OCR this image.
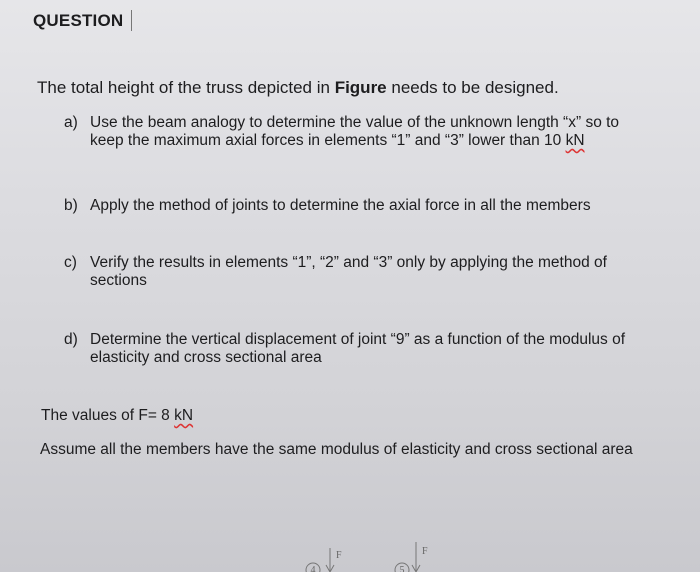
QUESTION
The total height of the truss depicted in Figure needs to be designed.
a) Use the beam analogy to determine the value of the unknown length “x” so to
keep the maximum axial forces in elements “1” and “3” lower than 10 kN
b) Apply the method of joints to determine the axial force in all the members
c) Verify the results in elements “1”, “2” and “3” only by applying the method of
sections
d) Determine the vertical displacement of joint “9” as a function of the modulus of
elasticity and cross sectional area
The values of F= 8 kN
Assume all the members have the same modulus of elasticity and cross sectional area
4
F
5
F
